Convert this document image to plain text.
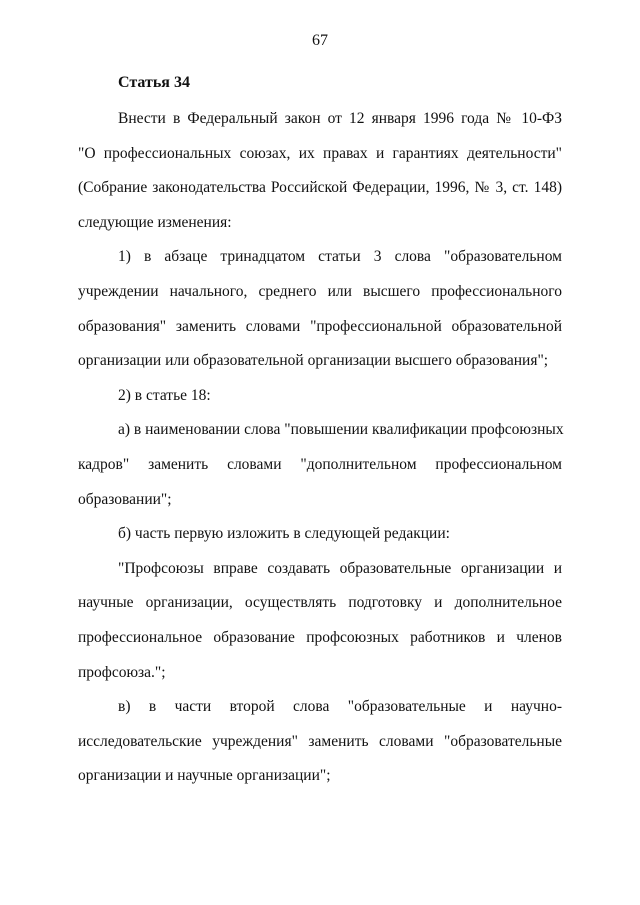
67
Статья 34
Внести в Федеральный закон от 12 января 1996 года № 10-ФЗ
"О профессиональных союзах, их правах и гарантиях деятельности"
(Собрание законодательства Российской Федерации, 1996, № 3, ст. 148)
следующие изменения:
1) в абзаце тринадцатом статьи 3 слова "образовательном
учреждении начального, среднего или высшего профессионального
образования" заменить словами "профессиональной образовательной
организации или образовательной организации высшего образования";
2) в статье 18:
а) в наименовании слова "повышении квалификации профсоюзных
кадров" заменить словами "дополнительном профессиональном
образовании";
б) часть первую изложить в следующей редакции:
"Профсоюзы вправе создавать образовательные организации и
научные организации, осуществлять подготовку и дополнительное
профессиональное образование профсоюзных работников и членов
профсоюза.";
в) в части второй слова "образовательные и научно-
исследовательские учреждения" заменить словами "образовательные
организации и научные организации";
